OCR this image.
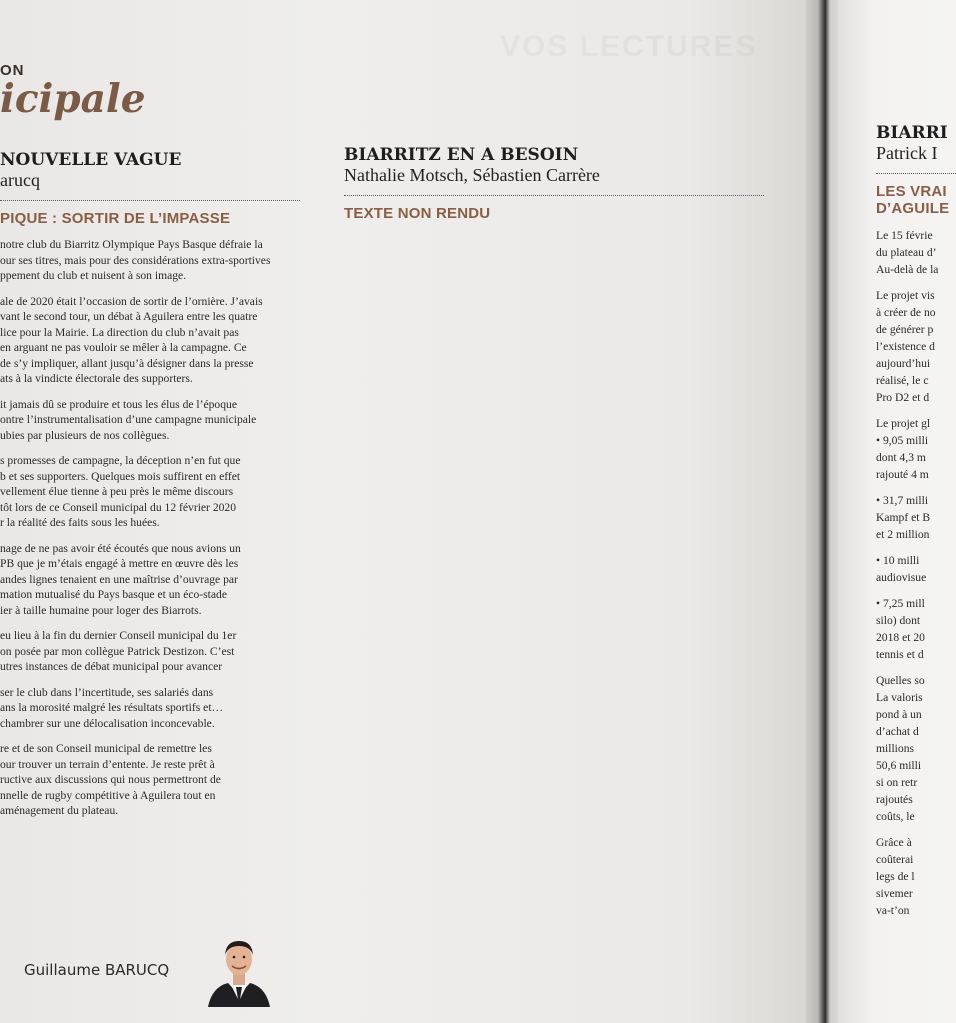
VOS LECTURES
ON
icipale
NOUVELLE VAGUE
arucq
PIQUE : SORTIR DE L’IMPASSE

notre club du Biarritz Olympique Pays Basque défraie la
our ses titres, mais pour des considérations extra-sportives
ppement du club et nuisent à son image.

ale de 2020 était l’occasion de sortir de l’ornière. J’avais
vant le second tour, un débat à Aguilera entre les quatre
lice pour la Mairie. La direction du club n’avait pas
en arguant ne pas vouloir se mêler à la campagne. Ce
de s’y impliquer, allant jusqu’à désigner dans la presse
ats à la vindicte électorale des supporters.

it jamais dû se produire et tous les élus de l’époque
ontre l’instrumentalisation d’une campagne municipale
ubies par plusieurs de nos collègues.

s promesses de campagne, la déception n’en fut que
b et ses supporters. Quelques mois suffirent en effet
vellement élue tienne à peu près le même discours
tôt lors de ce Conseil municipal du 12 février 2020
r la réalité des faits sous les huées.

nage de ne pas avoir été écoutés que nous avions un
PB que je m’étais engagé à mettre en œuvre dès les
andes lignes tenaient en une maîtrise d’ouvrage par
mation mutualisé du Pays basque et un éco-stade
ier à taille humaine pour loger des Biarrots.

eu lieu à la fin du dernier Conseil municipal du 1er
on posée par mon collègue Patrick Destizon. C’est
utres instances de débat municipal pour avancer

ser le club dans l’incertitude, ses salariés dans
ans la morosité malgré les résultats sportifs et…
chambrer sur une délocalisation inconcevable.

re et de son Conseil municipal de remettre les
our trouver un terrain d’entente. Je reste prêt à
ructive aux discussions qui nous permettront de
nnelle de rugby compétitive à Aguilera tout en
aménagement du plateau.

Guillaume BARUCQ
BIARRITZ EN A BESOIN
Nathalie Motsch, Sébastien Carrère
TEXTE NON RENDU
BIARRI
Patrick I
LES VRAI
D’AGUILE

Le 15 févrie
du plateau d’
Au-delà de la

Le projet vis
à créer de no
de générer p
l’existence d
aujourd’hui
réalisé, le c
Pro D2 et d

Le projet gl
• 9,05 milli
dont 4,3 m
rajouté 4 m

• 31,7 milli
Kampf et B
et 2 million

• 10 milli
audiovisue

• 7,25 mill
silo) dont
2018 et 20
tennis et d

Quelles so
La valoris
pond à un
d’achat d
millions
50,6 milli
si on retr
rajoutés
coûts, le

Grâce à
coûterai
legs de l
sivemer
va-t’on
